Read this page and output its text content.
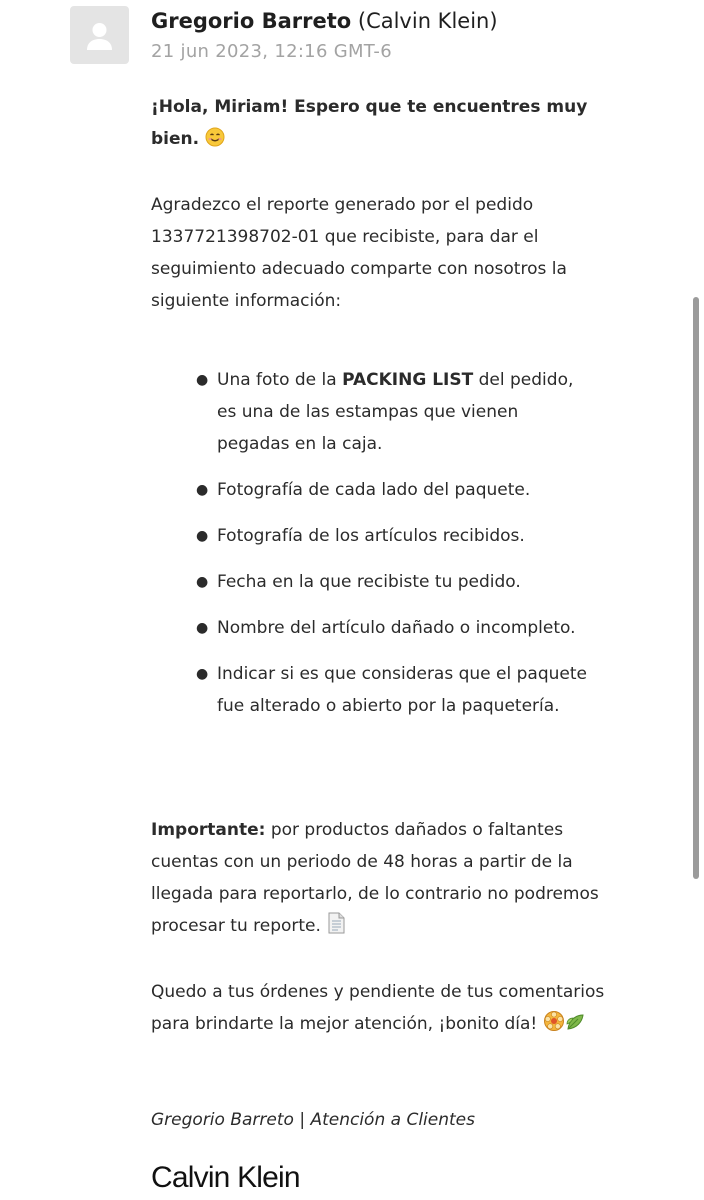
Gregorio Barreto (Calvin Klein)
21 jun 2023, 12:16 GMT-6
¡Hola, Miriam! Espero que te encuentres muy bien.
Agradezco el reporte generado por el pedido 1337721398702-01 que recibiste, para dar el seguimiento adecuado comparte con nosotros la siguiente información:
● Una foto de la PACKING LIST del pedido, es una de las estampas que vienen pegadas en la caja.
● Fotografía de cada lado del paquete.
● Fotografía de los artículos recibidos.
● Fecha en la que recibiste tu pedido.
● Nombre del artículo dañado o incompleto.
● Indicar si es que consideras que el paquete fue alterado o abierto por la paquetería.
Importante: por productos dañados o faltantes cuentas con un periodo de 48 horas a partir de la llegada para reportarlo, de lo contrario no podremos procesar tu reporte.
Quedo a tus órdenes y pendiente de tus comentarios para brindarte la mejor atención, ¡bonito día!
Gregorio Barreto | Atención a Clientes
Calvin Klein
